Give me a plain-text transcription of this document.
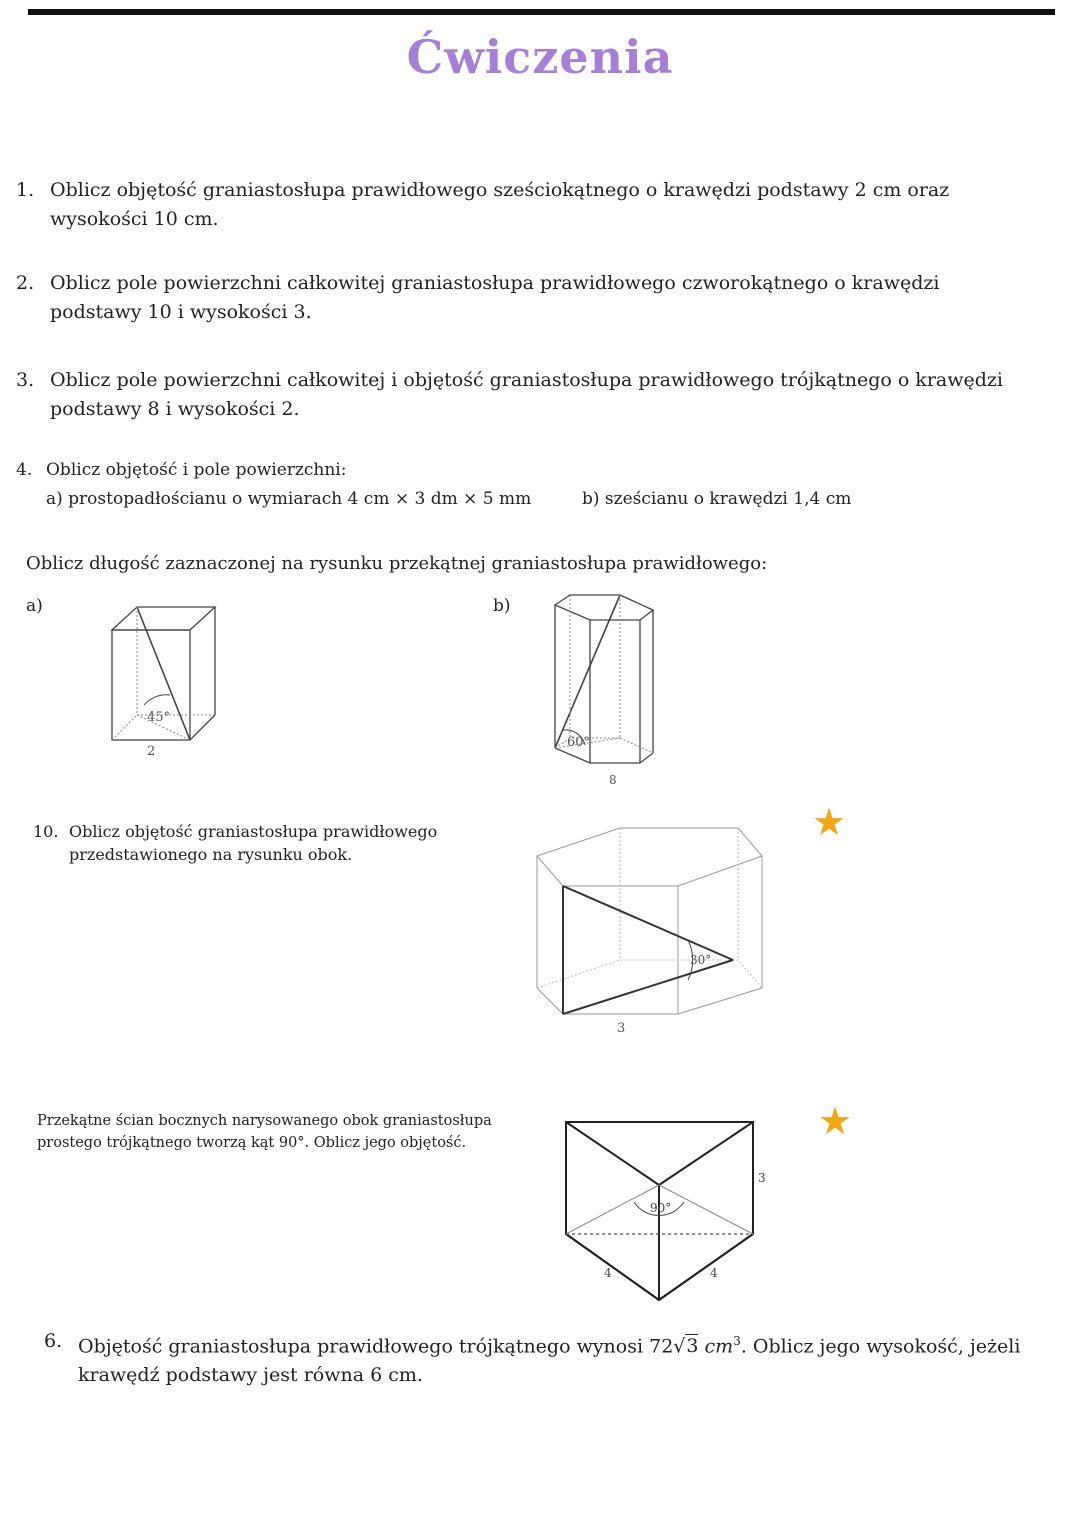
Ćwiczenia
1. Oblicz objętość graniastosłupa prawidłowego sześciokątnego o krawędzi podstawy 2 cm oraz wysokości 10 cm.
2. Oblicz pole powierzchni całkowitej graniastosłupa prawidłowego czworokątnego o krawędzi podstawy 10 i wysokości 3.
3. Oblicz pole powierzchni całkowitej i objętość graniastosłupa prawidłowego trójkątnego o krawędzi podstawy 8 i wysokości 2.
4. Oblicz objętość i pole powierzchni:
a) prostopadłościanu o wymiarach 4 cm × 3 dm × 5 mm	b) sześcianu o krawędzi 1,4 cm
Oblicz długość zaznaczonej na rysunku przekątnej graniastosłupa prawidłowego:
a)	b)
45°
2
60°
8
10. Oblicz objętość graniastosłupa prawidłowego przedstawionego na rysunku obok.
★
30°
3
Przekątne ścian bocznych narysowanego obok graniastosłupa prostego trójkątnego tworzą kąt 90°. Oblicz jego objętość.	★
90°
3
4	4
6. Objętość graniastosłupa prawidłowego trójkątnego wynosi 72√3 $cm^3$. Oblicz jego wysokość, jeżeli krawędź podstawy jest równa 6 cm.
